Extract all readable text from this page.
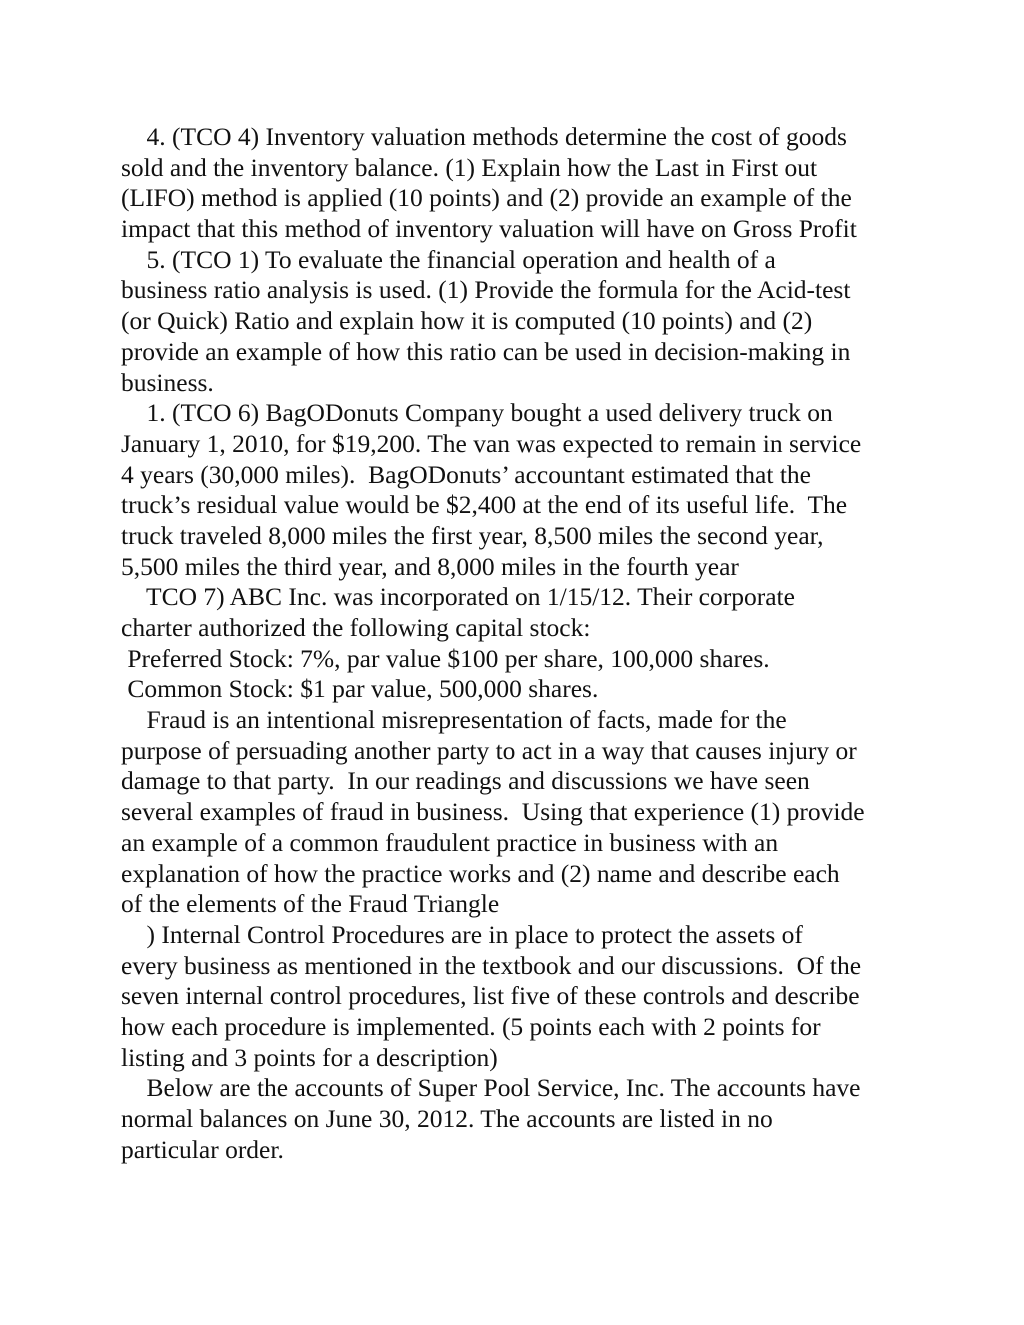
4. (TCO 4) Inventory valuation methods determine the cost of goods
sold and the inventory balance. (1) Explain how the Last in First out
(LIFO) method is applied (10 points) and (2) provide an example of the
impact that this method of inventory valuation will have on Gross Profit
5. (TCO 1) To evaluate the financial operation and health of a
business ratio analysis is used. (1) Provide the formula for the Acid-test
(or Quick) Ratio and explain how it is computed (10 points) and (2)
provide an example of how this ratio can be used in decision-making in
business.
1. (TCO 6) BagODonuts Company bought a used delivery truck on
January 1, 2010, for $19,200. The van was expected to remain in service
4 years (30,000 miles).  BagODonuts’ accountant estimated that the
truck’s residual value would be $2,400 at the end of its useful life.  The
truck traveled 8,000 miles the first year, 8,500 miles the second year,
5,500 miles the third year, and 8,000 miles in the fourth year
TCO 7) ABC Inc. was incorporated on 1/15/12. Their corporate
charter authorized the following capital stock:
Preferred Stock: 7%, par value $100 per share, 100,000 shares.
Common Stock: $1 par value, 500,000 shares.
Fraud is an intentional misrepresentation of facts, made for the
purpose of persuading another party to act in a way that causes injury or
damage to that party.  In our readings and discussions we have seen
several examples of fraud in business.  Using that experience (1) provide
an example of a common fraudulent practice in business with an
explanation of how the practice works and (2) name and describe each
of the elements of the Fraud Triangle
) Internal Control Procedures are in place to protect the assets of
every business as mentioned in the textbook and our discussions.  Of the
seven internal control procedures, list five of these controls and describe
how each procedure is implemented. (5 points each with 2 points for
listing and 3 points for a description)
Below are the accounts of Super Pool Service, Inc. The accounts have
normal balances on June 30, 2012. The accounts are listed in no
particular order.
